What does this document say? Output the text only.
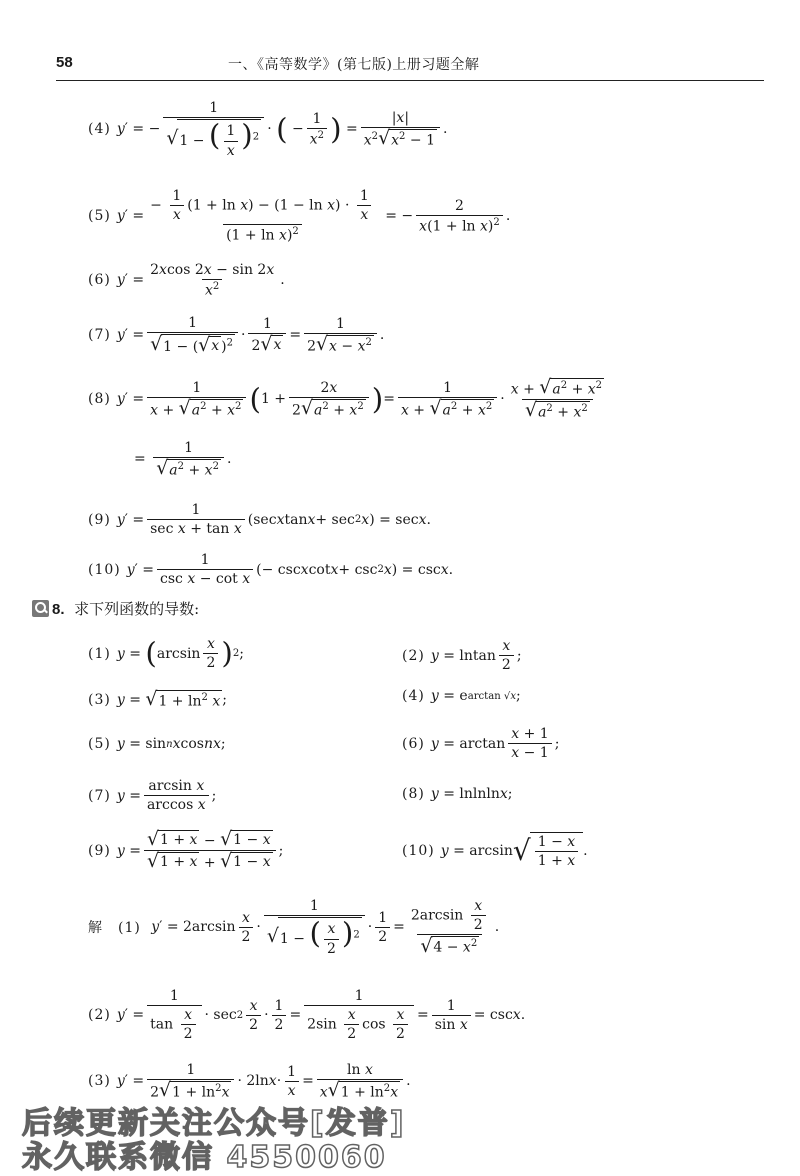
58	一、《高等数学》(第七版)上册习题全解
(4) y ′ = − $\frac{1}{√ 1 - ( \frac{1}{x} )^2}$ · ( − $\frac{1}{x^2}$ ) = $\frac{|x|}{x^2 √ x^2 - 1}$ .
(5) y ′ = $\frac{- \frac{1}{x} (1 + \ln x) - (1 - \ln x) \cdot \frac{1}{x}}{(1 + \ln x)^2}$ = − $\frac{2}{x(1 + \ln x)^2}$ .
(6) y ′ = $\frac{2xcos 2x - \sin 2x}{x^2}$ .
(7) y ′ = $\frac{1}{√ 1 - ( √ x )^2} \cdot \frac{1}{2 √ x} = \frac{1}{2 √ x - x^2}$ .
(8) y ′ = $\frac{1}{x + √ a^2 + x^2}$ ( $1 + \frac{2x}{2 √ a^2 + x^2}$ ) = $\frac{1}{x + √ a^2 + x^2} \cdot \frac{x + √ a^2 + x^2}{√ a^2 + x^2}$
= $\frac{1}{√ a^2 + x^2}$ .
(9) y ′ = $\frac{1}{\text{sec x + tan x}} (\sec$ x tan x + sec 2 x ) = sec x .
(10) y ′ = $\frac{1}{\text{csc x − cot x}}$ (− csc x cot x + csc 2 x ) = csc x .
8. 求下列函数的导数:
(1) y = ( $\arcsin \frac{x}{2}$ ) 2 ;
(3) y = √ $1 + \ln^2 x$ ;
(5) y = sin n x cos nx ;
(7) $y = \frac{\text{arcsin x}}{\text{arccos x}}$ ;
(9) $y = \frac{√ 1 + x - √ 1 - x}{√ 1 + x + √ 1 - x}$ ;
(2) y = lntan $\frac{x}{2}$ ;
(4) y = e arctan √x ;
(6) $y = \arctan \frac{x + 1}{x - 1}$ ;
(8) y = lnlnln x ;
(10) y = arcsin √ $\frac{1 - x}{1 + x}$ .
解　(1)
y ′ = $2\arcsin \frac{x}{2} \cdot \frac{1}{√ 1 - ( \frac{x}{2} )^2} \cdot \frac{1}{2} = \frac{2\arcsin \frac{x}{2}}{√ 4 - x^2}$ .
(2) y ′ = $\frac{1}{\tan \frac{x}{2}} \cdot \sec 2 \frac{x}{2} \cdot \frac{1}{2} = \frac{1}{2\sin \frac{x}{2} \cos \frac{x}{2}} = \frac{1}{\text{sin x}} = \csc x$ .
(3) y ′ = $\frac{1}{2 √ 1 + \ln^2x} \cdot 2\ln$ $x \cdot \frac{1}{x} = \frac{\text{ln x}}{x √ 1 + \ln^2x}$ .
后续更新关注公众号[发普]
永久联系微信 4550060
